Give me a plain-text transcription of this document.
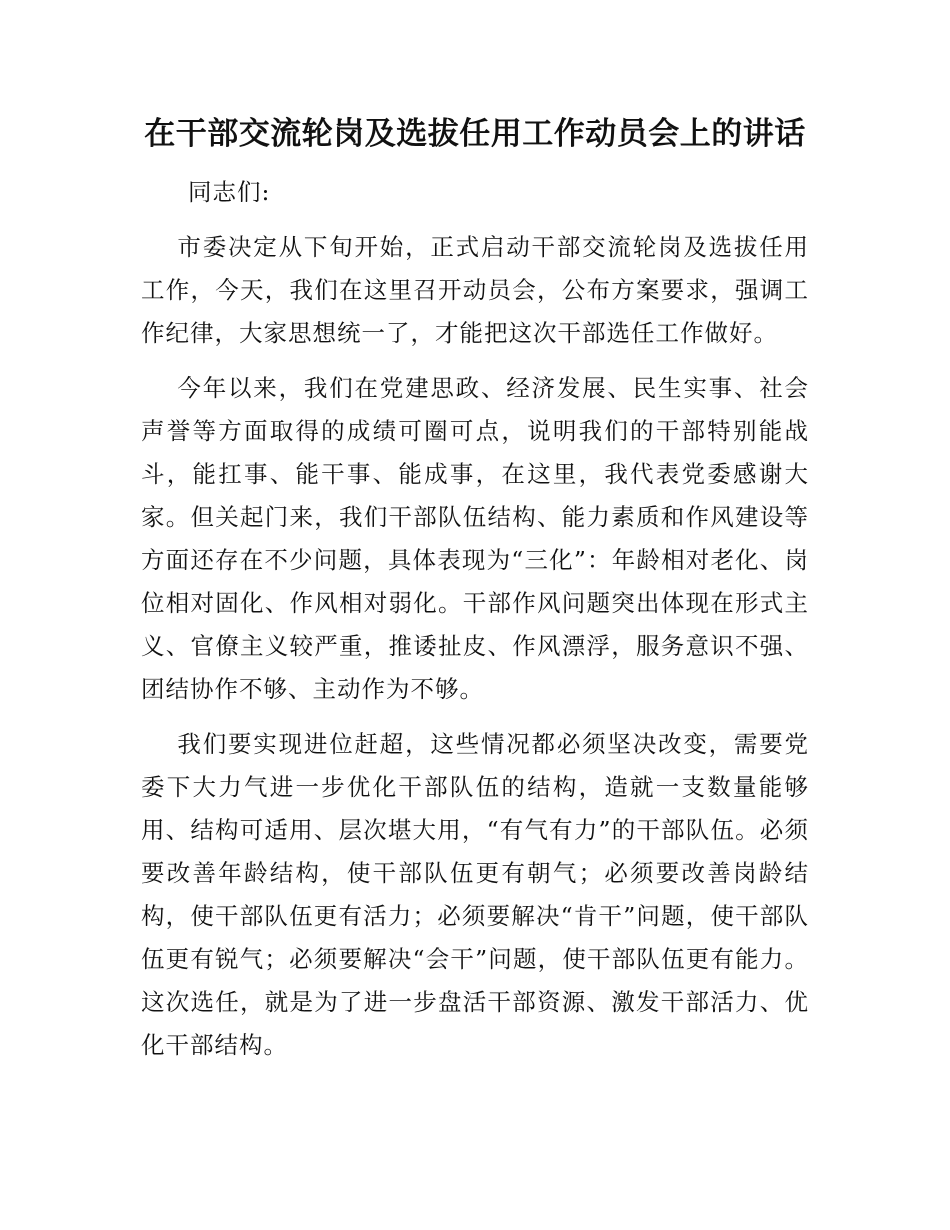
在干部交流轮岗及选拔任用工作动员会上的讲话

同志们:

市委决定从下旬开始，正式启动干部交流轮岗及选拔任用工作，今天，我们在这里召开动员会，公布方案要求，强调工作纪律，大家思想统一了，才能把这次干部选任工作做好。

今年以来，我们在党建思政、经济发展、民生实事、社会声誉等方面取得的成绩可圈可点，说明我们的干部特别能战斗，能扛事、能干事、能成事，在这里，我代表党委感谢大家。但关起门来，我们干部队伍结构、能力素质和作风建设等方面还存在不少问题，具体表现为“三化”：年龄相对老化、岗位相对固化、作风相对弱化。干部作风问题突出体现在形式主义、官僚主义较严重，推诿扯皮、作风漂浮，服务意识不强、团结协作不够、主动作为不够。

我们要实现进位赶超，这些情况都必须坚决改变，需要党委下大力气进一步优化干部队伍的结构，造就一支数量能够用、结构可适用、层次堪大用，“有气有力”的干部队伍。必须要改善年龄结构，使干部队伍更有朝气；必须要改善岗龄结构，使干部队伍更有活力；必须要解决“肯干”问题，使干部队伍更有锐气；必须要解决“会干”问题，使干部队伍更有能力。这次选任，就是为了进一步盘活干部资源、激发干部活力、优化干部结构。
